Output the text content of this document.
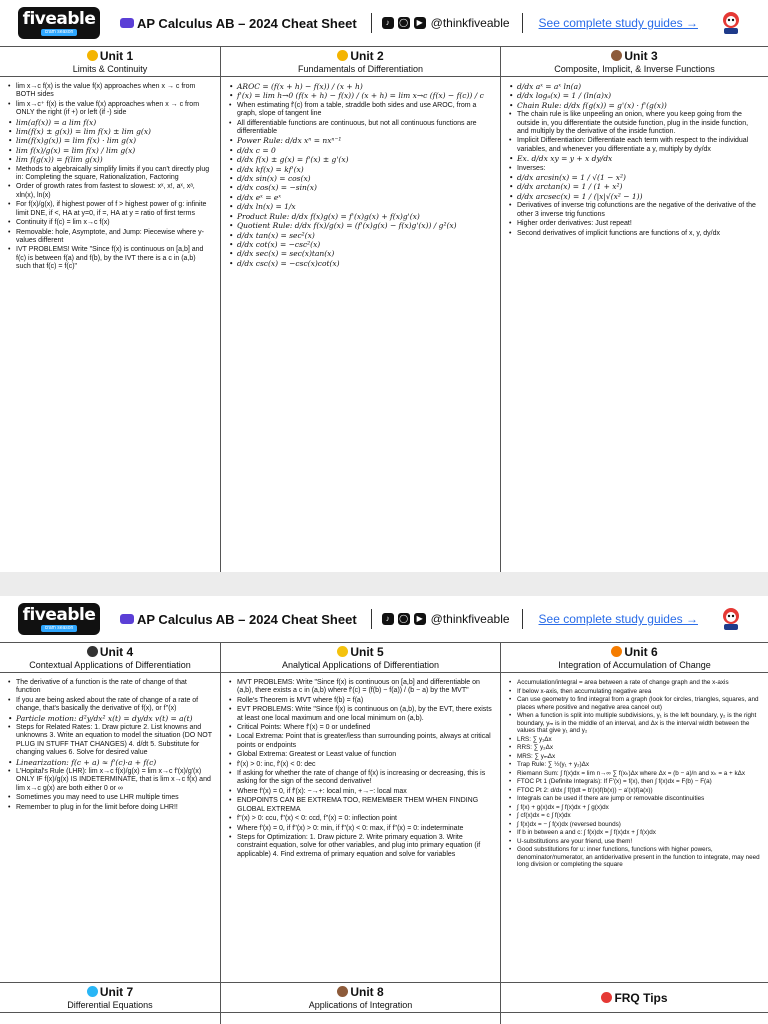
fiveable
cram season
AP Calculus AB – 2024 Cheat Sheet	♪	◯	▶ @thinkfiveable See complete study guides →
Unit 1
Limits & Continuity
• lim x→c f(x) is the value f(x) approaches when x → c from BOTH sides
• lim x→c⁺ f(x) is the value f(x) approaches when x → c from ONLY the right (if +) or left (if -) side
• lim(af(x)) = a lim f(x)
• lim(f(x) ± g(x)) = lim f(x) ± lim g(x)
• lim(f(x)g(x)) = lim f(x) · lim g(x)
• lim f(x)/g(x) = lim f(x) / lim g(x)
• lim f(g(x)) = f(lim g(x))
• Methods to algebraically simplify limits if you can't directly plug in: Completing the square, Rationalization, Factoring
• Order of growth rates from fastest to slowest: xˣ, x!, aˣ, xᵃ, xln(x), ln(x)
• For f(x)/g(x), if highest power of f > highest power of g: infinite limit DNE, if <, HA at y=0, if =, HA at y = ratio of first terms
• Continuity if f(c) = lim x→c f(x)
• Removable: hole, Asymptote, and Jump: Piecewise where y-values different
• IVT PROBLEMS! Write "Since f(x) is continuous on [a,b] and f(c) is between f(a) and f(b), by the IVT there is a c in (a,b) such that f(c) = f(c)"
Unit 2
Fundamentals of Differentiation
• AROC = (f(x + h) − f(x)) / (x + h)
• f'(x) = lim h→0 (f(x + h) − f(x)) / (x + h) = lim x→c (f(x) − f(c)) / c
• When estimating f'(c) from a table, straddle both sides and use AROC, from a graph, slope of tangent line
• All differentiable functions are continuous, but not all continuous functions are differentiable
• Power Rule: d/dx xⁿ = nxⁿ⁻¹
• d/dx c = 0
• d/dx f(x) ± g(x) = f'(x) ± g'(x)
• d/dx kf(x) = kf'(x)
• d/dx sin(x) = cos(x)
• d/dx cos(x) = −sin(x)
• d/dx eˣ = eˣ
• d/dx ln(x) = 1/x
• Product Rule: d/dx f(x)g(x) = f'(x)g(x) + f(x)g'(x)
• Quotient Rule: d/dx f(x)/g(x) = (f'(x)g(x) − f(x)g'(x)) / g²(x)
• d/dx tan(x) = sec²(x)
• d/dx cot(x) = −csc²(x)
• d/dx sec(x) = sec(x)tan(x)
• d/dx csc(x) = −csc(x)cot(x)
Unit 3
Composite, Implicit, & Inverse Functions
• d/dx aˣ = aˣ ln(a)
• d/dx logₐ(x) = 1 / (ln(a)x)
• Chain Rule: d/dx f(g(x)) = g'(x) · f'(g(x))
• The chain rule is like unpeeling an onion, where you keep going from the outside in, you differentiate the outside function, plug in the inside function, and multiply by the derivative of the inside function.
• Implicit Differentiation: Differentiate each term with respect to the individual variables, and whenever you differentiate a y, multiply by dy/dx
• Ex. d/dx xy = y + x dy/dx
• Inverses:
• d/dx arcsin(x) = 1 / √(1 − x²)
• d/dx arctan(x) = 1 / (1 + x²)
• d/dx arcsec(x) = 1 / (|x|√(x² − 1))
• Derivatives of inverse trig cofunctions are the negative of the derivative of the other 3 inverse trig functions
• Higher order derivatives: Just repeat!
• Second derivatives of implicit functions are functions of x, y, dy/dx
fiveable
cram season
AP Calculus AB – 2024 Cheat Sheet	♪	◯	▶ @thinkfiveable See complete study guides →
Unit 4
Contextual Applications of Differentiation
• The derivative of a function is the rate of change of that function
• If you are being asked about the rate of change of a rate of change, that's basically the derivative of f(x), or f''(x)
• Particle motion: d²y/dx² x(t) = dy/dx v(t) = a(t)
• Steps for Related Rates: 1. Draw picture 2. List knowns and unknowns 3. Write an equation to model the situation (DO NOT PLUG IN STUFF THAT CHANGES) 4. d/dt 5. Substitute for changing values 6. Solve for desired value
• Linearization: f(c + a) ≈ f'(c)·a + f(c)
• L'Hopital's Rule (LHR): lim x→c f(x)/g(x) = lim x→c f'(x)/g'(x) ONLY IF f(x)/g(x) IS INDETERMINATE, that is lim x→c f(x) and lim x→c g(x) are both either 0 or ∞
• Sometimes you may need to use LHR multiple times
• Remember to plug in for the limit before doing LHR!!
Unit 5
Analytical Applications of Differentiation
• MVT PROBLEMS: Write "Since f(x) is continuous on [a,b] and differentiable on (a,b), there exists a c in (a,b) where f'(c) = (f(b) − f(a)) / (b − a) by the MVT"
• Rolle's Theorem is MVT where f(b) = f(a)
• EVT PROBLEMS: Write "Since f(x) is continuous on (a,b), by the EVT, there exists at least one local maximum and one local minimum on (a,b).
• Critical Points: Where f'(x) = 0 or undefined
• Local Extrema: Point that is greater/less than surrounding points, always at critical points or endpoints
• Global Extrema: Greatest or Least value of function
• f'(x) > 0: inc, f'(x) < 0: dec
• If asking for whether the rate of change of f(x) is increasing or decreasing, this is asking for the sign of the second derivative!
• Where f'(x) = 0, if f'(x): −→+: local min, +→−: local max
• ENDPOINTS CAN BE EXTREMA TOO, REMEMBER THEM WHEN FINDING GLOBAL EXTREMA
• f''(x) > 0: ccu, f''(x) < 0: ccd, f''(x) = 0: inflection point
• Where f'(x) = 0, if f''(x) > 0: min, if f''(x) < 0: max, if f''(x) = 0: indeterminate
• Steps for Optimization: 1. Draw picture 2. Write primary equation 3. Write constraint equation, solve for other variables, and plug into primary equation (if applicable) 4. Find extrema of primary equation and solve for variables
Unit 6
Integration of Accumulation of Change
• Accumulation/integral = area between a rate of change graph and the x-axis
• If below x-axis, then accumulating negative area
• Can use geometry to find integral from a graph (look for circles, triangles, squares, and places where positive and negative area cancel out)
• When a function is split into multiple subdivisions, y₁ is the left boundary, y₂ is the right boundary, yₘ is in the middle of an interval, and Δx is the interval width between the values that give y₁ and y₂
• LRS: ∑ y₁Δx
• RRS: ∑ y₂Δx
• MRS: ∑ yₘΔx
• Trap Rule: ∑ ½(y₁ + y₂)Δx
• Riemann Sum: ∫ f(x)dx = lim n→∞ ∑ f(xₖ)Δx where Δx = (b − a)/n and xₖ = a + kΔx
• FTOC Pt 1 (Definite Integrals): If F'(x) = f(x), then ∫ f(x)dx = F(b) − F(a)
• FTOC Pt 2: d/dx ∫ f(t)dt = b'(x)f(b(x)) − a'(x)f(a(x))
• Integrals can be used if there are jump or removable discontinuities
• ∫ f(x) + g(x)dx = ∫ f(x)dx + ∫ g(x)dx
• ∫ cf(x)dx = c ∫ f(x)dx
• ∫ f(x)dx = − ∫ f(x)dx (reversed bounds)
• If b in between a and c: ∫ f(x)dx = ∫ f(x)dx + ∫ f(x)dx
• U-substitutions are your friend, use them!
• Good substitutions for u: inner functions, functions with higher powers, denominator/numerator, an antiderivative present in the function to integrate, may need long division or completing the square
Unit 7
Differential Equations
Unit 8
Applications of Integration	FRQ Tips
